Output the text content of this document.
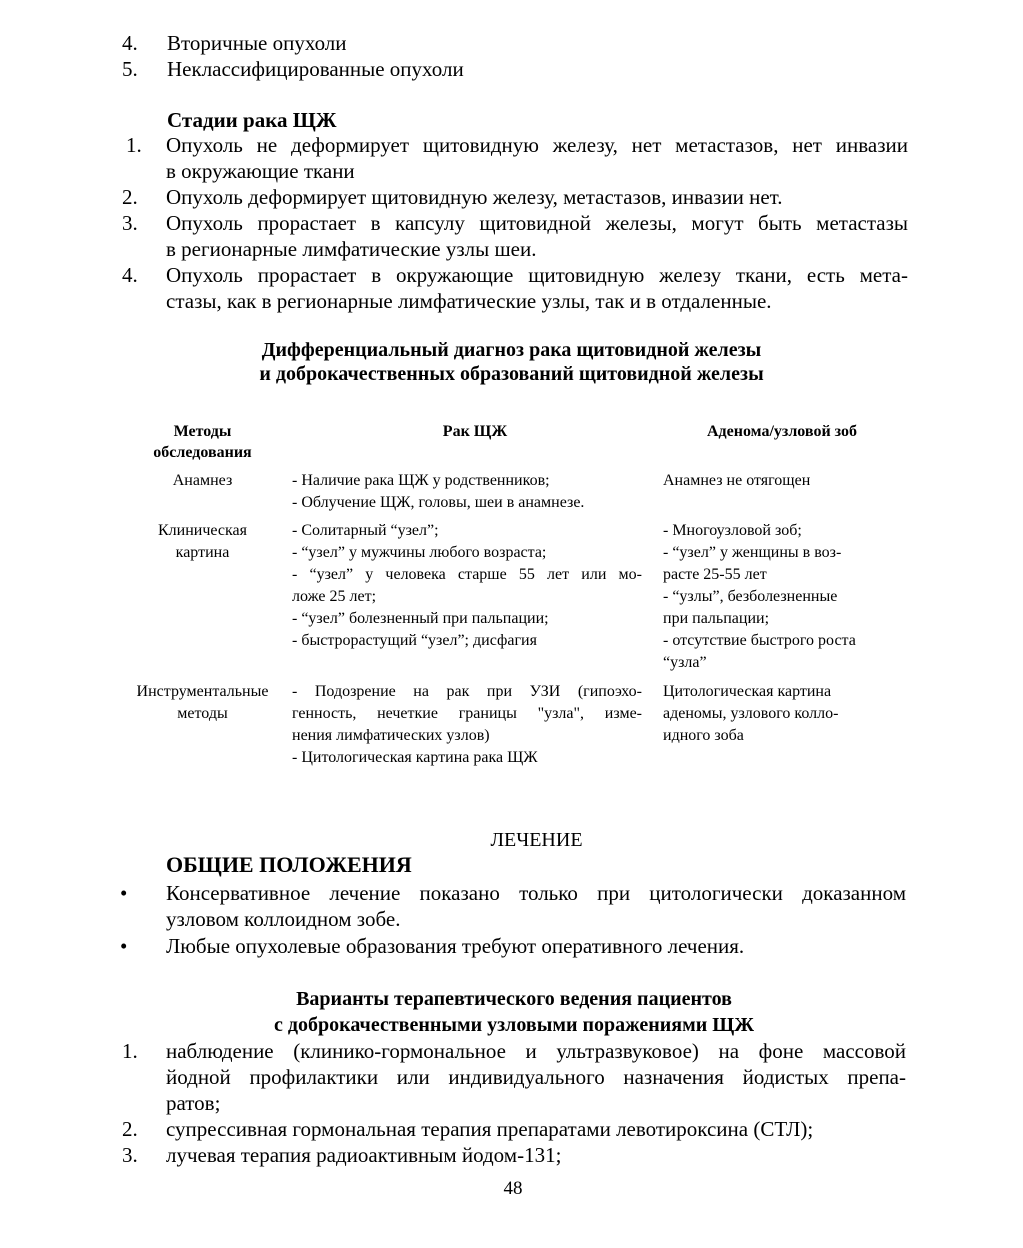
4. Вторичные опухоли
5. Неклассифицированные опухоли
Стадии рака ЩЖ
1. Опухоль не деформирует щитовидную железу, нет метастазов, нет инвазии
в окружающие ткани
2. Опухоль деформирует щитовидную железу, метастазов, инвазии нет.
3. Опухоль прорастает в капсулу щитовидной железы, могут быть метастазы
в регионарные лимфатические узлы шеи.
4. Опухоль прорастает в окружающие щитовидную железу ткани, есть мета-
стазы, как в регионарные лимфатические узлы, так и в отдаленные.
Дифференциальный диагноз рака щитовидной железы
и доброкачественных образований щитовидной железы
Методы
обследования
Рак ЩЖ	Аденома/узловой зоб
Анамнез	- Наличие рака ЩЖ у родственников;
- Облучение ЩЖ, головы, шеи в анамнезе.
Анамнез не отягощен
Клиническая
картина
- Солитарный “узел”;
- “узел” у мужчины любого возраста;
- “узел” у человека старше 55 лет или мо-
ложе 25 лет;
- “узел” болезненный при пальпации;
- быстрорастущий “узел”; дисфагия
- Многоузловой зоб;
- “узел” у женщины в воз-
расте 25-55 лет
- “узлы”, безболезненные
при пальпации;
- отсутствие быстрого роста
“узла”
Инструментальные
методы
- Подозрение на рак при УЗИ (гипоэхо-
генность, нечеткие границы "узла", изме-
нения лимфатических узлов)
- Цитологическая картина рака ЩЖ
Цитологическая картина
аденомы, узлового колло-
идного зоба
ЛЕЧЕНИЕ
ОБЩИЕ ПОЛОЖЕНИЯ
• Консервативное лечение показано только при цитологически доказанном
узловом коллоидном зобе.
• Любые опухолевые образования требуют оперативного лечения.
Варианты терапевтического ведения пациентов
с доброкачественными узловыми поражениями ЩЖ
1. наблюдение (клинико-гормональное и ультразвуковое) на фоне массовой
йодной профилактики или индивидуального назначения йодистых препа-
ратов;
2. супрессивная гормональная терапия препаратами левотироксина (СТЛ);
3. лучевая терапия радиоактивным йодом-131;
48
